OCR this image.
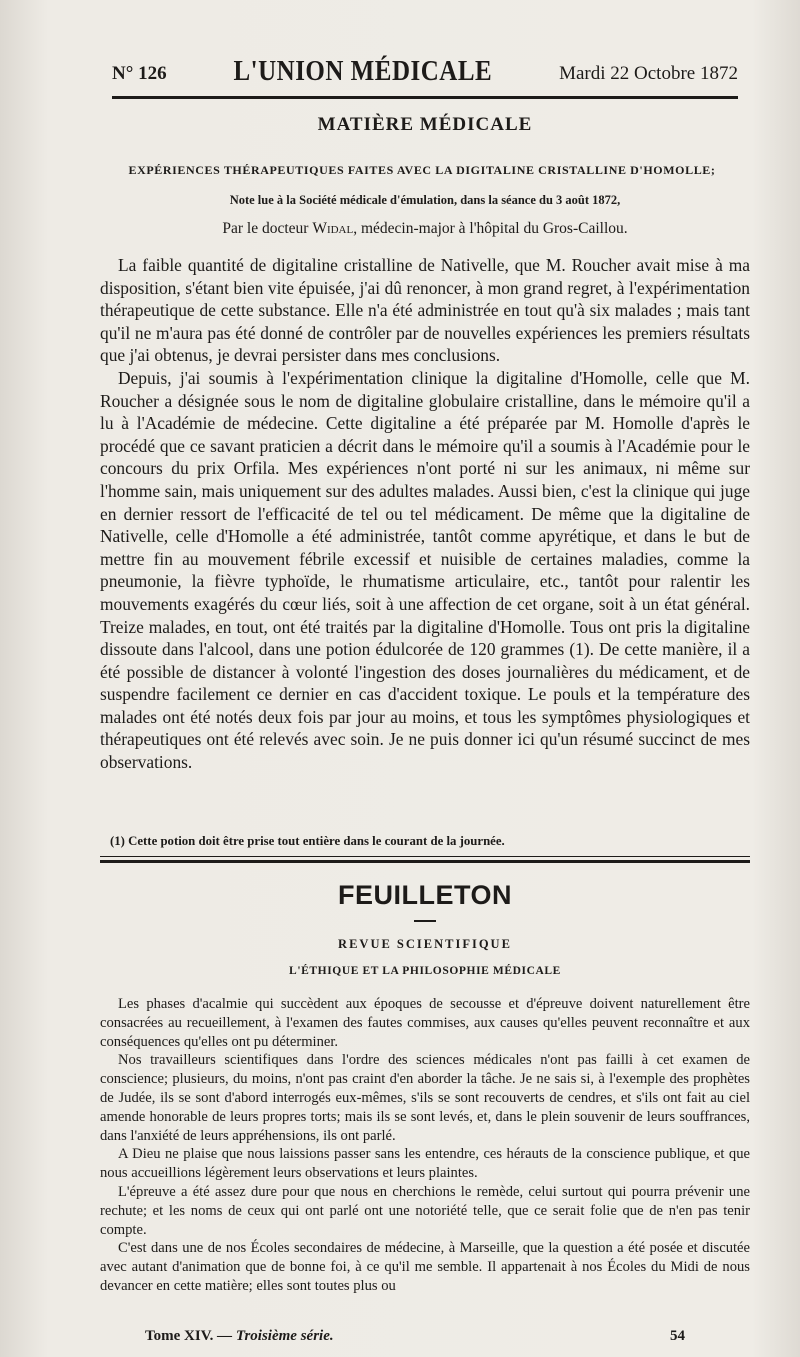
N° 126	L'UNION MÉDICALE	Mardi 22 Octobre 1872
MATIÈRE MÉDICALE
EXPÉRIENCES THÉRAPEUTIQUES FAITES AVEC LA DIGITALINE CRISTALLINE D'HOMOLLE;
Note lue à la Société médicale d'émulation, dans la séance du 3 août 1872,
Par le docteur Widal, médecin-major à l'hôpital du Gros-Caillou.

La faible quantité de digitaline cristalline de Nativelle, que M. Roucher avait mise à ma disposition, s'étant bien vite épuisée, j'ai dû renoncer, à mon grand regret, à l'expérimentation thérapeutique de cette substance. Elle n'a été administrée en tout qu'à six malades ; mais tant qu'il ne m'aura pas été donné de contrôler par de nouvelles expériences les premiers résultats que j'ai obtenus, je devrai persister dans mes conclusions.

Depuis, j'ai soumis à l'expérimentation clinique la digitaline d'Homolle, celle que M. Roucher a désignée sous le nom de digitaline globulaire cristalline, dans le mémoire qu'il a lu à l'Académie de médecine. Cette digitaline a été préparée par M. Homolle d'après le procédé que ce savant praticien a décrit dans le mémoire qu'il a soumis à l'Académie pour le concours du prix Orfila. Mes expériences n'ont porté ni sur les animaux, ni même sur l'homme sain, mais uniquement sur des adultes malades. Aussi bien, c'est la clinique qui juge en dernier ressort de l'efficacité de tel ou tel médicament. De même que la digitaline de Nativelle, celle d'Homolle a été administrée, tantôt comme apyrétique, et dans le but de mettre fin au mouvement fébrile excessif et nuisible de certaines maladies, comme la pneumonie, la fièvre typhoïde, le rhumatisme articulaire, etc., tantôt pour ralentir les mouvements exagérés du cœur liés, soit à une affection de cet organe, soit à un état général. Treize malades, en tout, ont été traités par la digitaline d'Homolle. Tous ont pris la digitaline dissoute dans l'alcool, dans une potion édulcorée de 120 grammes (1). De cette manière, il a été possible de distancer à volonté l'ingestion des doses journalières du médicament, et de suspendre facilement ce dernier en cas d'accident toxique. Le pouls et la température des malades ont été notés deux fois par jour au moins, et tous les symptômes physiologiques et thérapeutiques ont été relevés avec soin. Je ne puis donner ici qu'un résumé succinct de mes observations.

(1) Cette potion doit être prise tout entière dans le courant de la journée.
FEUILLETON
REVUE SCIENTIFIQUE
L'ÉTHIQUE ET LA PHILOSOPHIE MÉDICALE

Les phases d'acalmie qui succèdent aux époques de secousse et d'épreuve doivent naturellement être consacrées au recueillement, à l'examen des fautes commises, aux causes qu'elles peuvent reconnaître et aux conséquences qu'elles ont pu déterminer.

Nos travailleurs scientifiques dans l'ordre des sciences médicales n'ont pas failli à cet examen de conscience; plusieurs, du moins, n'ont pas craint d'en aborder la tâche. Je ne sais si, à l'exemple des prophètes de Judée, ils se sont d'abord interrogés eux-mêmes, s'ils se sont recouverts de cendres, et s'ils ont fait au ciel amende honorable de leurs propres torts; mais ils se sont levés, et, dans le plein souvenir de leurs souffrances, dans l'anxiété de leurs appréhensions, ils ont parlé.

A Dieu ne plaise que nous laissions passer sans les entendre, ces hérauts de la conscience publique, et que nous accueillions légèrement leurs observations et leurs plaintes.

L'épreuve a été assez dure pour que nous en cherchions le remède, celui surtout qui pourra prévenir une rechute; et les noms de ceux qui ont parlé ont une notoriété telle, que ce serait folie que de n'en pas tenir compte.

C'est dans une de nos Écoles secondaires de médecine, à Marseille, que la question a été posée et discutée avec autant d'animation que de bonne foi, à ce qu'il me semble. Il appartenait à nos Écoles du Midi de nous devancer en cette matière; elles sont toutes plus ou

Tome XIV. — Troisième série.	54
